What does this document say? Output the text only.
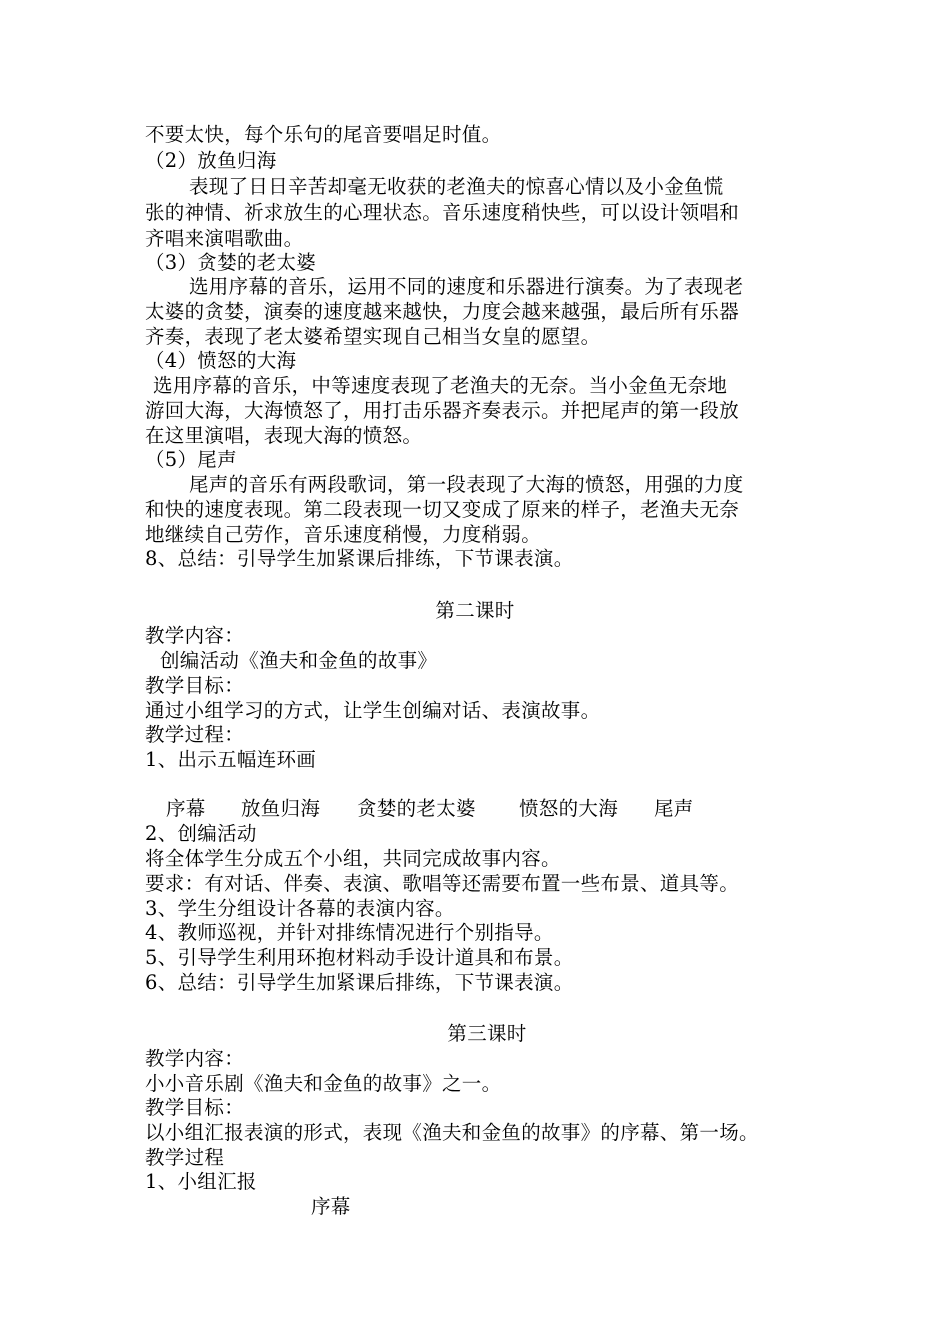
不要太快，每个乐句的尾音要唱足时值。
（2）放鱼归海
表现了日日辛苦却毫无收获的老渔夫的惊喜心情以及小金鱼慌
张的神情、祈求放生的心理状态。音乐速度稍快些，可以设计领唱和
齐唱来演唱歌曲。
（3）贪婪的老太婆
选用序幕的音乐，运用不同的速度和乐器进行演奏。为了表现老
太婆的贪婪，演奏的速度越来越快，力度会越来越强，最后所有乐器
齐奏，表现了老太婆希望实现自己相当女皇的愿望。
（4）愤怒的大海
选用序幕的音乐，中等速度表现了老渔夫的无奈。当小金鱼无奈地
游回大海，大海愤怒了，用打击乐器齐奏表示。并把尾声的第一段放
在这里演唱，表现大海的愤怒。
（5）尾声
尾声的音乐有两段歌词，第一段表现了大海的愤怒，用强的力度
和快的速度表现。第二段表现一切又变成了原来的样子，老渔夫无奈
地继续自己劳作，音乐速度稍慢，力度稍弱。
8、总结：引导学生加紧课后排练，下节课表演。
第二课时
教学内容：
创编活动《渔夫和金鱼的故事》
教学目标：
通过小组学习的方式，让学生创编对话、表演故事。
教学过程：
1、出示五幅连环画
序幕 放鱼归海 贪婪的老太婆 愤怒的大海 尾声
2、创编活动
将全体学生分成五个小组，共同完成故事内容。
要求：有对话、伴奏、表演、歌唱等还需要布置一些布景、道具等。
3、学生分组设计各幕的表演内容。
4、教师巡视，并针对排练情况进行个别指导。
5、引导学生利用环抱材料动手设计道具和布景。
6、总结：引导学生加紧课后排练，下节课表演。
第三课时
教学内容：
小小音乐剧《渔夫和金鱼的故事》之一。
教学目标：
以小组汇报表演的形式，表现《渔夫和金鱼的故事》的序幕、第一场。
教学过程
1、小组汇报
序幕
